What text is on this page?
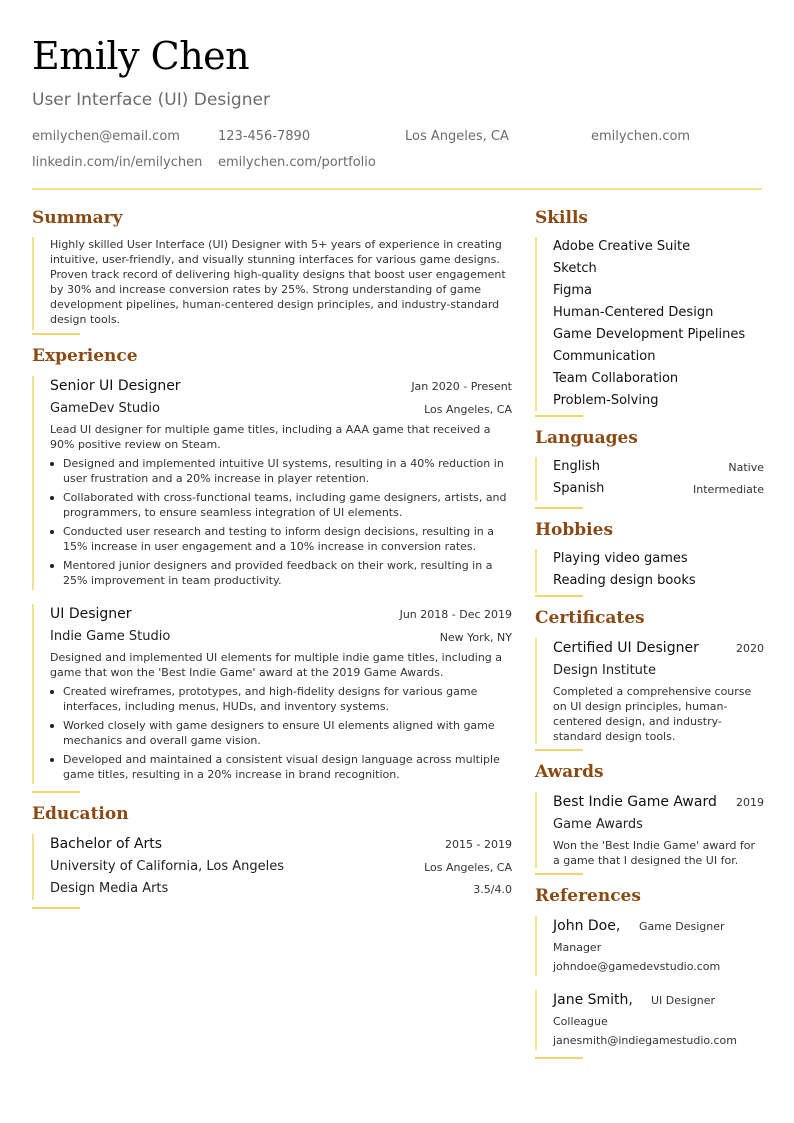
Emily Chen
User Interface (UI) Designer
emilychen@email.com	123-456-7890	Los Angeles, CA	emilychen.com
linkedin.com/in/emilychen emilychen.com/portfolio
Summary
Highly skilled User Interface (UI) Designer with 5+ years of experience in creating intuitive, user-friendly, and visually stunning interfaces for various game designs. Proven track record of delivering high-quality designs that boost user engagement by 30% and increase conversion rates by 25%. Strong understanding of game development pipelines, human-centered design principles, and industry-standard design tools.
Experience
Senior UI Designer	Jan 2020 - Present
GameDev Studio	Los Angeles, CA
Lead UI designer for multiple game titles, including a AAA game that received a 90% positive review on Steam.
Designed and implemented intuitive UI systems, resulting in a 40% reduction in user frustration and a 20% increase in player retention.
Collaborated with cross-functional teams, including game designers, artists, and programmers, to ensure seamless integration of UI elements.
Conducted user research and testing to inform design decisions, resulting in a 15% increase in user engagement and a 10% increase in conversion rates.
Mentored junior designers and provided feedback on their work, resulting in a 25% improvement in team productivity.
UI Designer	Jun 2018 - Dec 2019
Indie Game Studio	New York, NY
Designed and implemented UI elements for multiple indie game titles, including a game that won the 'Best Indie Game' award at the 2019 Game Awards.
Created wireframes, prototypes, and high-fidelity designs for various game interfaces, including menus, HUDs, and inventory systems.
Worked closely with game designers to ensure UI elements aligned with game mechanics and overall game vision.
Developed and maintained a consistent visual design language across multiple game titles, resulting in a 20% increase in brand recognition.
Education
Bachelor of Arts	2015 - 2019
University of California, Los Angeles	Los Angeles, CA
Design Media Arts	3.5/4.0
Skills
Adobe Creative Suite
Sketch
Figma
Human-Centered Design
Game Development Pipelines
Communication
Team Collaboration
Problem-Solving
Languages
English	Native
Spanish	Intermediate
Hobbies
Playing video games
Reading design books
Certificates
Certified UI Designer	2020
Design Institute
Completed a comprehensive course on UI design principles, human-centered design, and industry-standard design tools.
Awards
Best Indie Game Award 2019
Game Awards
Won the 'Best Indie Game' award for a game that I designed the UI for.
References
John Doe, Game Designer
Manager
johndoe@gamedevstudio.com
Jane Smith, UI Designer
Colleague
janesmith@indiegamestudio.com
